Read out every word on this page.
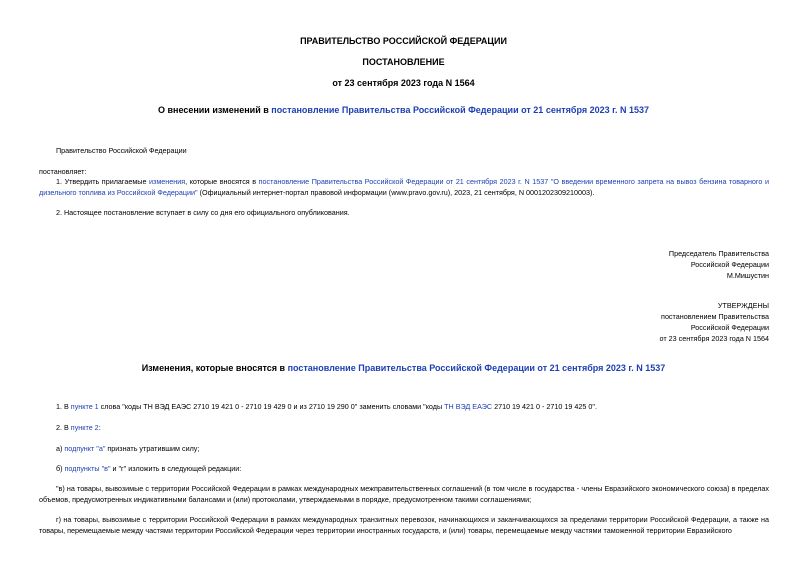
ПРАВИТЕЛЬСТВО РОССИЙСКОЙ ФЕДЕРАЦИИ
ПОСТАНОВЛЕНИЕ
от 23 сентября 2023 года N 1564
О внесении изменений в постановление Правительства Российской Федерации от 21 сентября 2023 г. N 1537
Правительство Российской Федерации
постановляет:
1. Утвердить прилагаемые изменения, которые вносятся в постановление Правительства Российской Федерации от 21 сентября 2023 г. N 1537 "О введении временного запрета на вывоз бензина товарного и дизельного топлива из Российской Федерации" (Официальный интернет-портал правовой информации (www.pravo.gov.ru), 2023, 21 сентября, N 0001202309210003).
2. Настоящее постановление вступает в силу со дня его официального опубликования.
Председатель Правительства
Российской Федерации
М.Мишустин
УТВЕРЖДЕНЫ
постановлением Правительства
Российской Федерации
от 23 сентября 2023 года N 1564
Изменения, которые вносятся в постановление Правительства Российской Федерации от 21 сентября 2023 г. N 1537
1. В пункте 1 слова "коды ТН ВЭД ЕАЭС 2710 19 421 0 - 2710 19 429 0 и из 2710 19 290 0" заменить словами "коды ТН ВЭД ЕАЭС 2710 19 421 0 - 2710 19 425 0".
2. В пункте 2:
а) подпункт "а" признать утратившим силу;
б) подпункты "в" и "г" изложить в следующей редакции:
"в) на товары, вывозимые с территории Российской Федерации в рамках международных межправительственных соглашений (в том числе в государства - члены Евразийского экономического союза) в пределах объемов, предусмотренных индикативными балансами и (или) протоколами, утверждаемыми в порядке, предусмотренном такими соглашениями;
г) на товары, вывозимые с территории Российской Федерации в рамках международных транзитных перевозок, начинающихся и заканчивающихся за пределами территории Российской Федерации, а также на товары, перемещаемые между частями территории Российской Федерации через территории иностранных государств, и (или) товары, перемещаемые между частями таможенной территории Евразийского
